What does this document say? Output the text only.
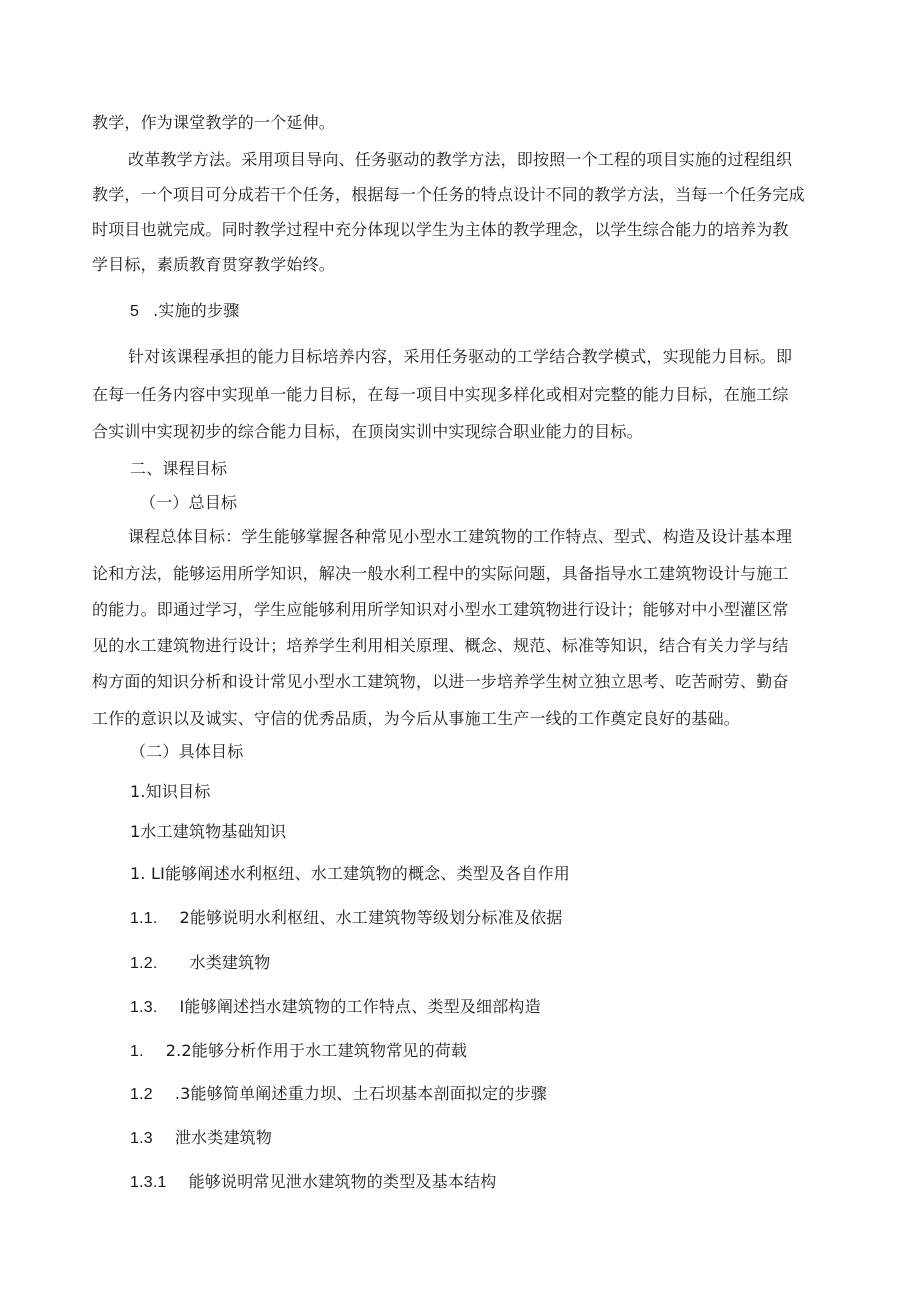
教学，作为课堂教学的一个延伸。
改革教学方法。采用项目导向、任务驱动的教学方法，即按照一个工程的项目实施的过程组织
教学，一个项目可分成若干个任务，根据每一个任务的特点设计不同的教学方法，当每一个任务完成
时项目也就完成。同时教学过程中充分体现以学生为主体的教学理念，以学生综合能力的培养为教
学目标，素质教育贯穿教学始终。
5 .实施的步骤
针对该课程承担的能力目标培养内容，采用任务驱动的工学结合教学模式，实现能力目标。即
在每一任务内容中实现单一能力目标，在每一项目中实现多样化或相对完整的能力目标，在施工综
合实训中实现初步的综合能力目标，在顶岗实训中实现综合职业能力的目标。
二、课程目标
（一）总目标
课程总体目标：学生能够掌握各种常见小型水工建筑物的工作特点、型式、构造及设计基本理
论和方法，能够运用所学知识，解决一般水利工程中的实际问题，具备指导水工建筑物设计与施工
的能力。即通过学习，学生应能够利用所学知识对小型水工建筑物进行设计；能够对中小型灌区常
见的水工建筑物进行设计；培养学生利用相关原理、概念、规范、标准等知识，结合有关力学与结
构方面的知识分析和设计常见小型水工建筑物，以进一步培养学生树立独立思考、吃苦耐劳、勤奋
工作的意识以及诚实、守信的优秀品质，为今后从事施工生产一线的工作奠定良好的基础。
（二）具体目标
1.知识目标
1水工建筑物基础知识
1. LI能够阐述水利枢纽、水工建筑物的概念、类型及各自作用
1.1. 2能够说明水利枢纽、水工建筑物等级划分标准及依据
1.2. 水类建筑物
1.3. I能够阐述挡水建筑物的工作特点、类型及细部构造
1. 2.2能够分析作用于水工建筑物常见的荷载
1.2 .3能够简单阐述重力坝、土石坝基本剖面拟定的步骤
1.3 泄水类建筑物
1.3.1 能够说明常见泄水建筑物的类型及基本结构
